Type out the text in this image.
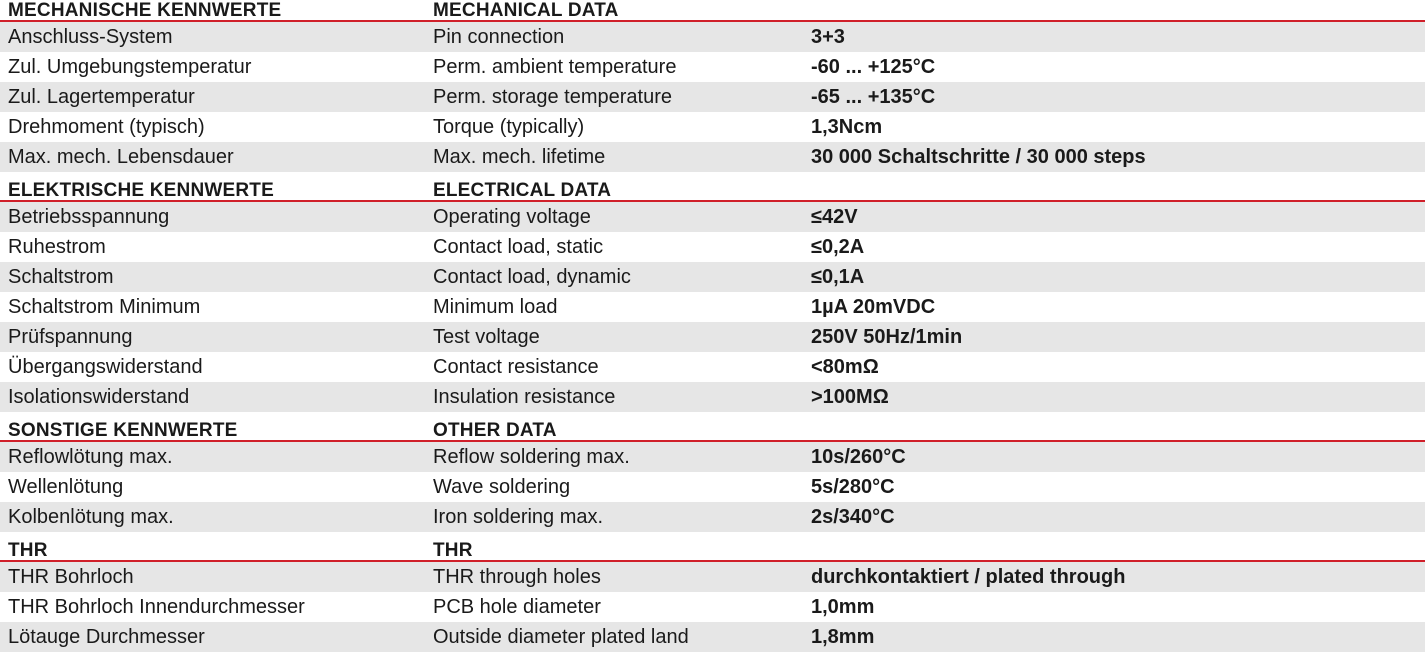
MECHANISCHE KENNWERTE	MECHANICAL DATA
Anschluss-System	Pin connection	3+3
Zul. Umgebungstemperatur	Perm. ambient temperature	-60 ... +125°C
Zul. Lagertemperatur	Perm. storage temperature	-65 ... +135°C
Drehmoment (typisch)	Torque (typically)	1,3Ncm
Max. mech. Lebensdauer	Max. mech. lifetime	30 000 Schaltschritte / 30 000 steps
ELEKTRISCHE KENNWERTE	ELECTRICAL DATA
Betriebsspannung	Operating voltage	≤42V
Ruhestrom	Contact load, static	≤0,2A
Schaltstrom	Contact load, dynamic	≤0,1A
Schaltstrom Minimum	Minimum load	1µA 20mVDC
Prüfspannung	Test voltage	250V 50Hz/1min
Übergangswiderstand	Contact resistance	<80mΩ
Isolationswiderstand	Insulation resistance	>100MΩ
SONSTIGE KENNWERTE	OTHER DATA
Reflowlötung max.	Reflow soldering max.	10s/260°C
Wellenlötung	Wave soldering	5s/280°C
Kolbenlötung max.	Iron soldering max.	2s/340°C
THR	THR
THR Bohrloch	THR through holes	durchkontaktiert / plated through
THR Bohrloch Innendurchmesser	PCB hole diameter	1,0mm
Lötauge Durchmesser	Outside diameter plated land	1,8mm
